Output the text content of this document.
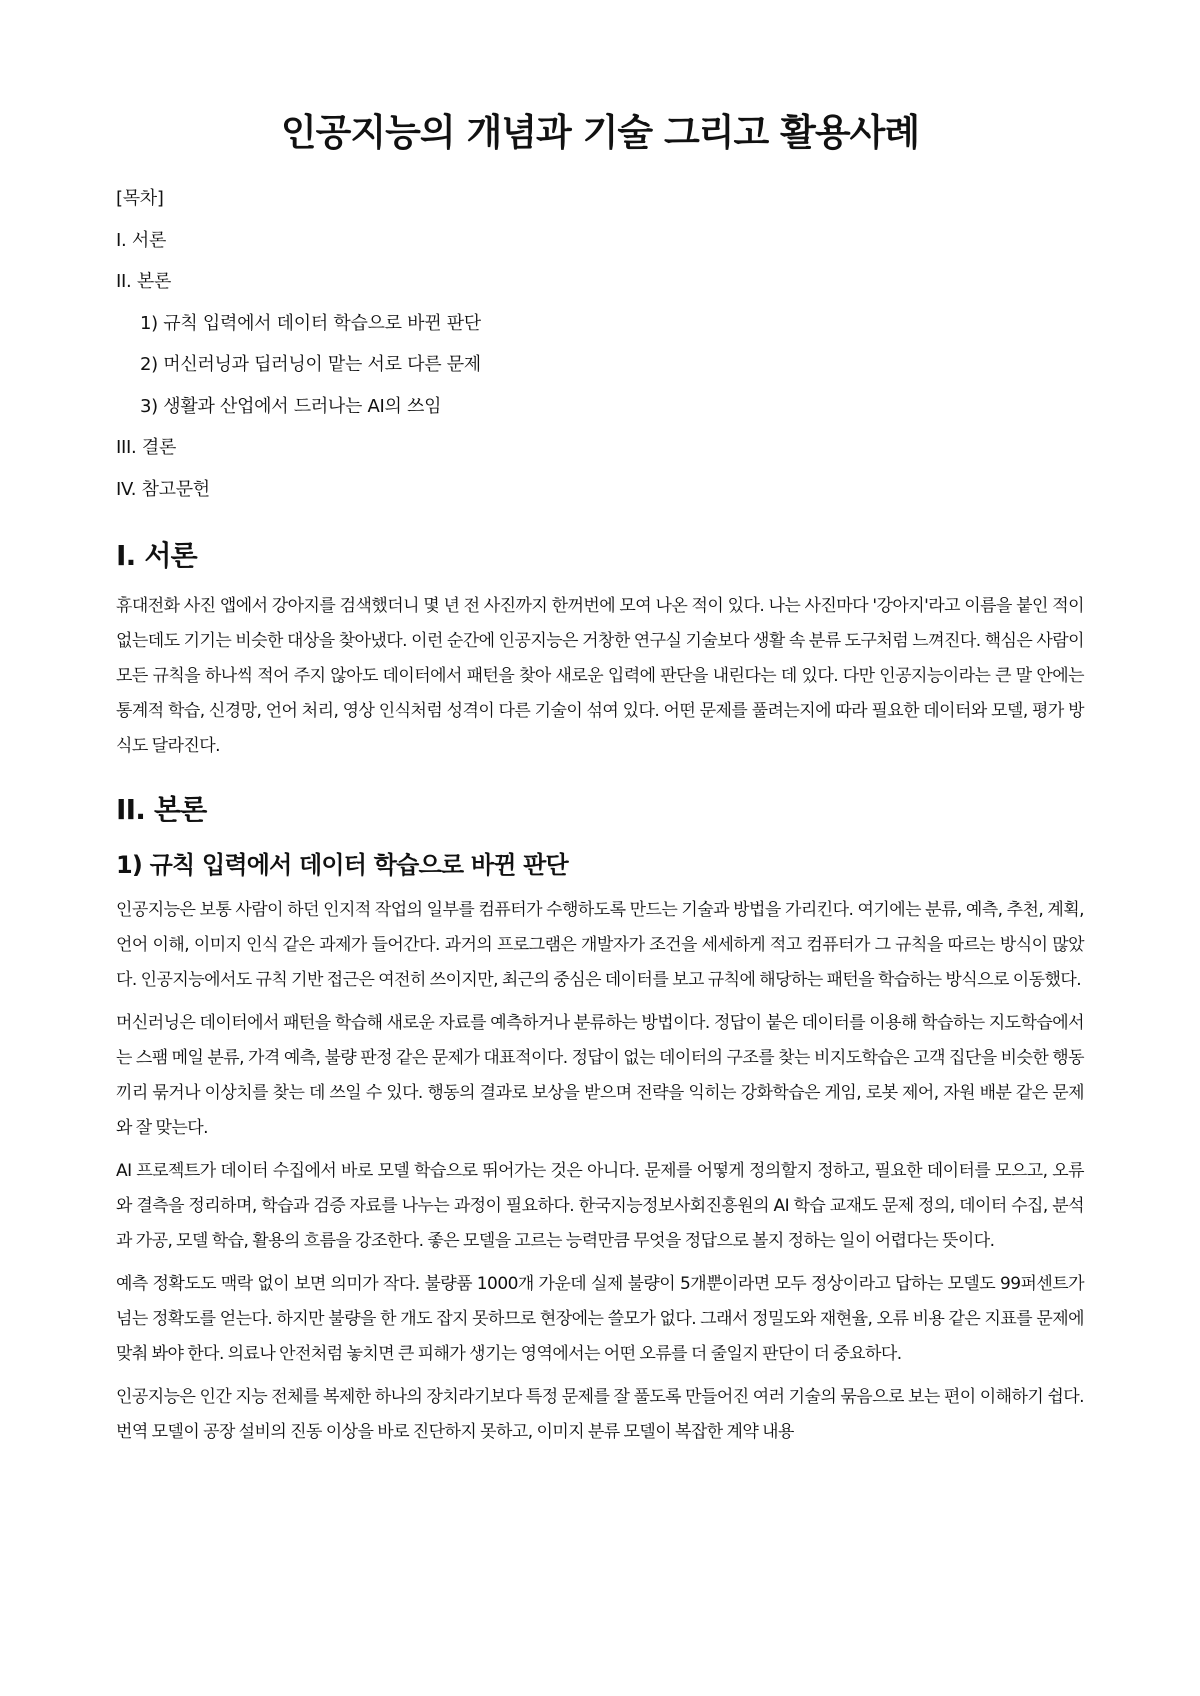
인공지능의 개념과 기술 그리고 활용사례
[목차]
I. 서론
II. 본론
1) 규칙 입력에서 데이터 학습으로 바뀐 판단
2) 머신러닝과 딥러닝이 맡는 서로 다른 문제
3) 생활과 산업에서 드러나는 AI의 쓰임
III. 결론
IV. 참고문헌
I. 서론

휴대전화 사진 앱에서 강아지를 검색했더니 몇 년 전 사진까지 한꺼번에 모여 나온 적이 있다. 나는 사진마다 '강아지'라고 이름을 붙인 적이 없는데도 기기는 비슷한 대상을 찾아냈다. 이런 순간에 인공지능은 거창한 연구실 기술보다 생활 속 분류 도구처럼 느껴진다. 핵심은 사람이 모든 규칙을 하나씩 적어 주지 않아도 데이터에서 패턴을 찾아 새로운 입력에 판단을 내린다는 데 있다. 다만 인공지능이라는 큰 말 안에는 통계적 학습, 신경망, 언어 처리, 영상 인식처럼 성격이 다른 기술이 섞여 있다. 어떤 문제를 풀려는지에 따라 필요한 데이터와 모델, 평가 방식도 달라진다.

II. 본론
1) 규칙 입력에서 데이터 학습으로 바뀐 판단

인공지능은 보통 사람이 하던 인지적 작업의 일부를 컴퓨터가 수행하도록 만드는 기술과 방법을 가리킨다. 여기에는 분류, 예측, 추천, 계획, 언어 이해, 이미지 인식 같은 과제가 들어간다. 과거의 프로그램은 개발자가 조건을 세세하게 적고 컴퓨터가 그 규칙을 따르는 방식이 많았다. 인공지능에서도 규칙 기반 접근은 여전히 쓰이지만, 최근의 중심은 데이터를 보고 규칙에 해당하는 패턴을 학습하는 방식으로 이동했다.

머신러닝은 데이터에서 패턴을 학습해 새로운 자료를 예측하거나 분류하는 방법이다. 정답이 붙은 데이터를 이용해 학습하는 지도학습에서는 스팸 메일 분류, 가격 예측, 불량 판정 같은 문제가 대표적이다. 정답이 없는 데이터의 구조를 찾는 비지도학습은 고객 집단을 비슷한 행동끼리 묶거나 이상치를 찾는 데 쓰일 수 있다. 행동의 결과로 보상을 받으며 전략을 익히는 강화학습은 게임, 로봇 제어, 자원 배분 같은 문제와 잘 맞는다.

AI 프로젝트가 데이터 수집에서 바로 모델 학습으로 뛰어가는 것은 아니다. 문제를 어떻게 정의할지 정하고, 필요한 데이터를 모으고, 오류와 결측을 정리하며, 학습과 검증 자료를 나누는 과정이 필요하다. 한국지능정보사회진흥원의 AI 학습 교재도 문제 정의, 데이터 수집, 분석과 가공, 모델 학습, 활용의 흐름을 강조한다. 좋은 모델을 고르는 능력만큼 무엇을 정답으로 볼지 정하는 일이 어렵다는 뜻이다.

예측 정확도도 맥락 없이 보면 의미가 작다. 불량품 1000개 가운데 실제 불량이 5개뿐이라면 모두 정상이라고 답하는 모델도 99퍼센트가 넘는 정확도를 얻는다. 하지만 불량을 한 개도 잡지 못하므로 현장에는 쓸모가 없다. 그래서 정밀도와 재현율, 오류 비용 같은 지표를 문제에 맞춰 봐야 한다. 의료나 안전처럼 놓치면 큰 피해가 생기는 영역에서는 어떤 오류를 더 줄일지 판단이 더 중요하다.

인공지능은 인간 지능 전체를 복제한 하나의 장치라기보다 특정 문제를 잘 풀도록 만들어진 여러 기술의 묶음으로 보는 편이 이해하기 쉽다. 번역 모델이 공장 설비의 진동 이상을 바로 진단하지 못하고, 이미지 분류 모델이 복잡한 계약 내용
